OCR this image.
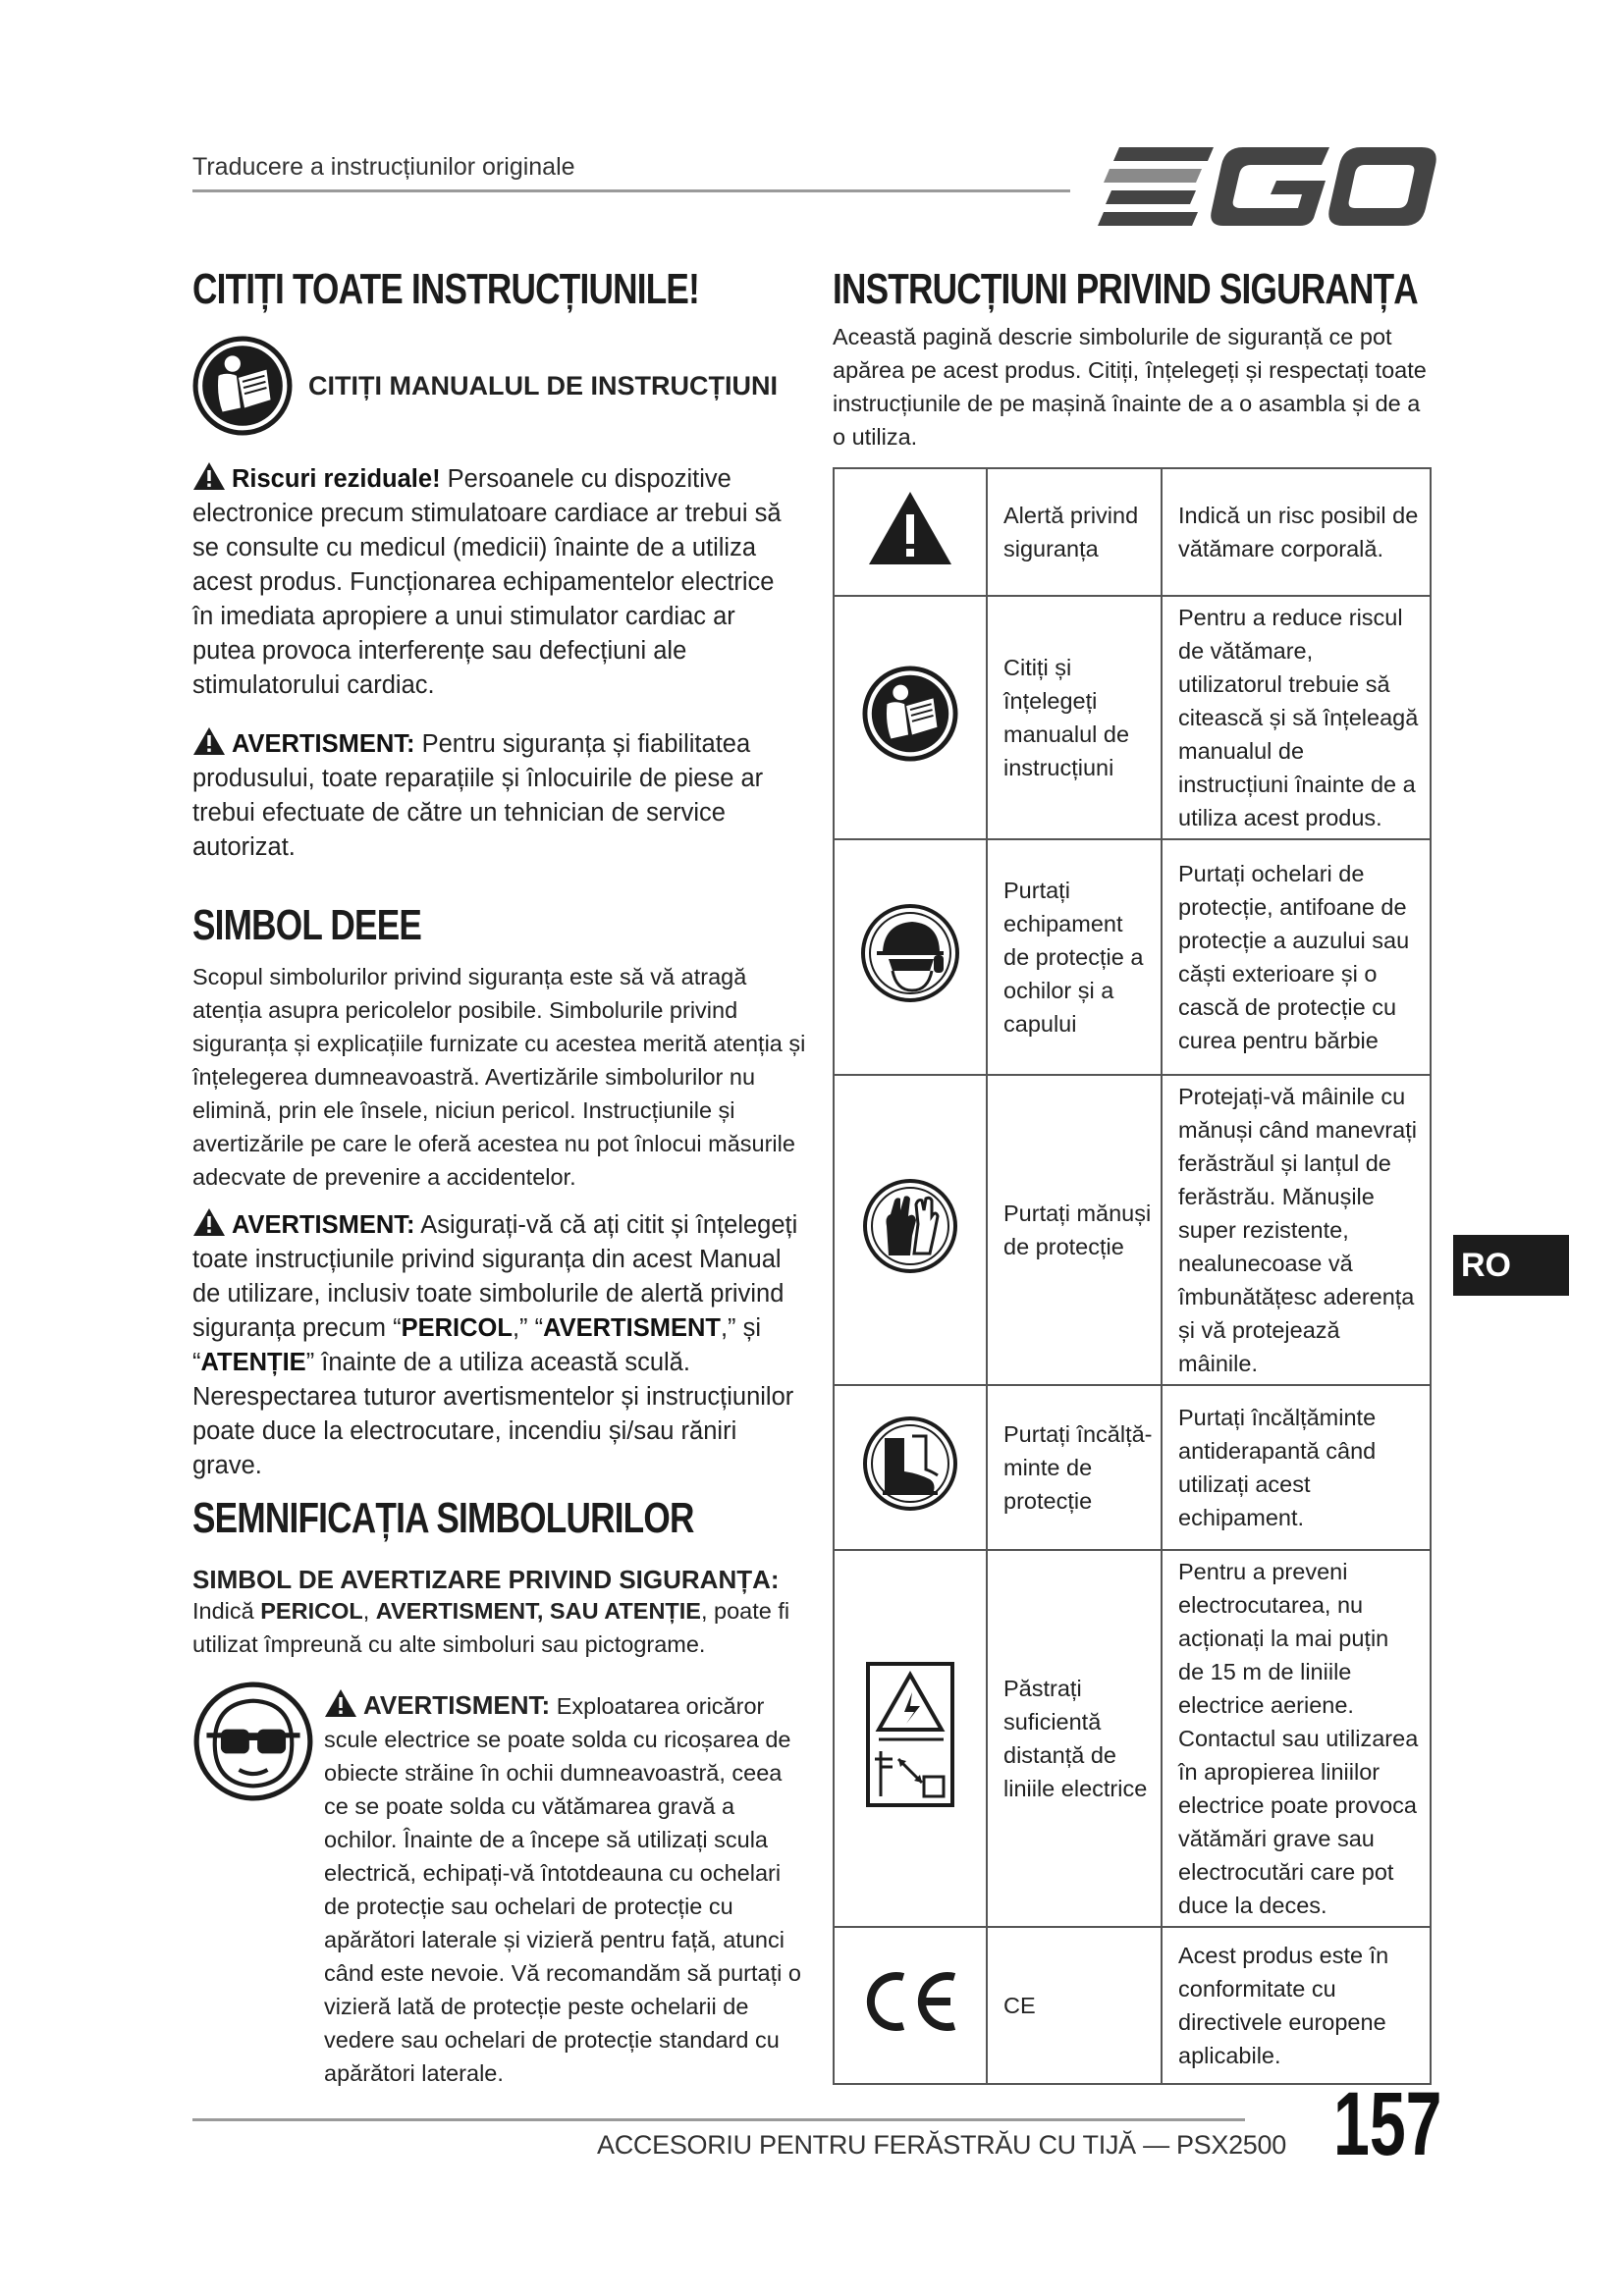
Traducere a instrucțiunilor originale
CITIȚI TOATE INSTRUCȚIUNILE!
CITIȚI MANUALUL DE INSTRUCȚIUNI
Riscuri reziduale! Persoanele cu dispozitive electronice precum stimulatoare cardiace ar trebui să se consulte cu medicul (medicii) înainte de a utiliza acest produs. Funcționarea echipamentelor electrice în imediata apropiere a unui stimulator cardiac ar putea provoca interferențe sau defecțiuni ale stimulatorului cardiac.
AVERTISMENT: Pentru siguranța și fiabilitatea produsului, toate reparațiile și înlocuirile de piese ar trebui efectuate de către un tehnician de service autorizat.
SIMBOL DEEE
Scopul simbolurilor privind siguranța este să vă atragă atenția asupra pericolelor posibile. Simbolurile privind siguranța și explicațiile furnizate cu acestea merită atenția și înțelegerea dumneavoastră. Avertizările simbolurilor nu elimină, prin ele însele, niciun pericol. Instrucțiunile și avertizările pe care le oferă acestea nu pot înlocui măsurile adecvate de prevenire a accidentelor.
AVERTISMENT: Asigurați-vă că ați citit și înțelegeți toate instrucțiunile privind siguranța din acest Manual de utilizare, inclusiv toate simbolurile de alertă privind siguranța precum “PERICOL,” “AVERTISMENT,” și “ATENȚIE” înainte de a utiliza această sculă. Nerespectarea tuturor avertismentelor și instrucțiunilor poate duce la electrocutare, incendiu și/sau răniri grave.
SEMNIFICAȚIA SIMBOLURILOR
SIMBOL DE AVERTIZARE PRIVIND SIGURANȚA:
Indică PERICOL, AVERTISMENT, SAU ATENȚIE, poate fi utilizat împreună cu alte simboluri sau pictograme.
AVERTISMENT: Exploatarea oricăror scule electrice se poate solda cu ricoșarea de obiecte străine în ochii dumneavoastră, ceea ce se poate solda cu vătămarea gravă a ochilor. Înainte de a începe să utilizați scula electrică, echipați-vă întotdeauna cu ochelari de protecție sau ochelari de protecție cu apărători laterale și vizieră pentru față, atunci când este nevoie. Vă recomandăm să purtați o vizieră lată de protecție peste ochelarii de vedere sau ochelari de protecție standard cu apărători laterale.
INSTRUCȚIUNI PRIVIND SIGURANȚA
Această pagină descrie simbolurile de siguranță ce pot apărea pe acest produs. Citiți, înțelegeți și respectați toate instrucțiunile de pe mașină înainte de a o asambla și de a o utiliza.
	Alertă privind siguranța	Indică un risc posibil de vătămare corporală.
	Citiți și înțelegeți manualul de instrucțiuni	Pentru a reduce riscul de vătămare, utilizatorul trebuie să citească și să înțeleagă manualul de instrucțiuni înainte de a utiliza acest produs.
	Purtați echipament de protecție a ochilor și a capului	Purtați ochelari de protecție, antifoane de protecție a auzului sau căști exterioare și o cască de protecție cu curea pentru bărbie
	Purtați mănuși de protecție	Protejați-vă mâinile cu mănuși când manevrați ferăstrăul și lanțul de ferăstrău. Mănușile super rezistente, nealunecoase vă îmbunătățesc aderența și vă protejează mâinile.
	Purtați încălță-minte de protecție	Purtați încălțăminte antiderapantă când utilizați acest echipament.
	Păstrați suficientă distanță de liniile electrice	Pentru a preveni electrocutarea, nu acționați la mai puțin de 15 m de liniile electrice aeriene. Contactul sau utilizarea în apropierea liniilor electrice poate provoca vătămări grave sau electrocutări care pot duce la deces.
	CE	Acest produs este în conformitate cu directivele europene aplicabile.
RO
ACCESORIU PENTRU FERĂSTRĂU CU TIJĂ — PSX2500 157
